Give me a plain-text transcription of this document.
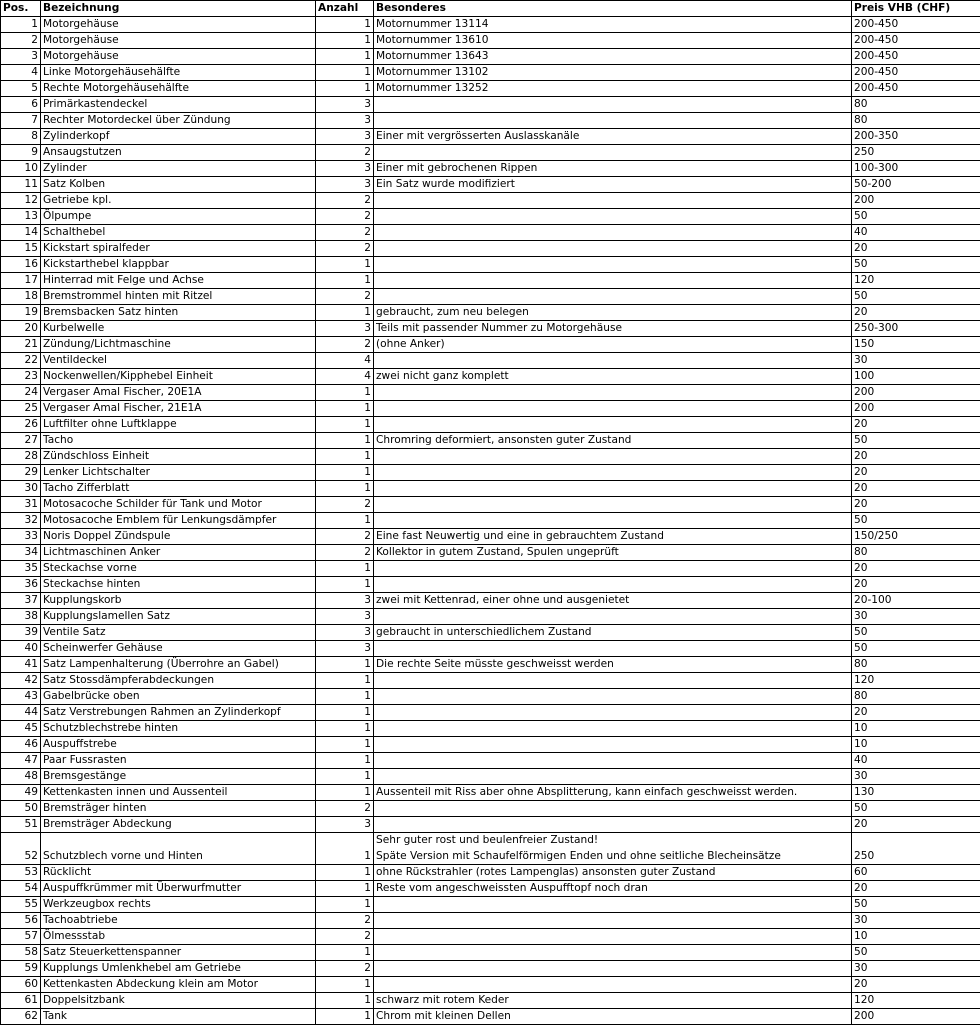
Pos.	Bezeichnung	Anzahl	Besonderes	Preis VHB (CHF)
1	Motorgehäuse	1	Motornummer 13114	200-450
2	Motorgehäuse	1	Motornummer 13610	200-450
3	Motorgehäuse	1	Motornummer 13643	200-450
4	Linke Motorgehäusehälfte	1	Motornummer 13102	200-450
5	Rechte Motorgehäusehälfte	1	Motornummer 13252	200-450
6	Primärkastendeckel	3		80
7	Rechter Motordeckel über Zündung	3		80
8	Zylinderkopf	3	Einer mit vergrösserten Auslasskanäle	200-350
9	Ansaugstutzen	2		250
10	Zylinder	3	Einer mit gebrochenen Rippen	100-300
11	Satz Kolben	3	Ein Satz wurde modifiziert	50-200
12	Getriebe kpl.	2		200
13	Ölpumpe	2		50
14	Schalthebel	2		40
15	Kickstart spiralfeder	2		20
16	Kickstarthebel klappbar	1		50
17	Hinterrad mit Felge und Achse	1		120
18	Bremstrommel hinten mit Ritzel	2		50
19	Bremsbacken Satz hinten	1	gebraucht, zum neu belegen	20
20	Kurbelwelle	3	Teils mit passender Nummer zu Motorgehäuse	250-300
21	Zündung/Lichtmaschine	2	(ohne Anker)	150
22	Ventildeckel	4		30
23	Nockenwellen/Kipphebel Einheit	4	zwei nicht ganz komplett	100
24	Vergaser Amal Fischer, 20E1A	1		200
25	Vergaser Amal Fischer, 21E1A	1		200
26	Luftfilter ohne Luftklappe	1		20
27	Tacho	1	Chromring deformiert, ansonsten guter Zustand	50
28	Zündschloss Einheit	1		20
29	Lenker Lichtschalter	1		20
30	Tacho Zifferblatt	1		20
31	Motosacoche Schilder für Tank und Motor	2		20
32	Motosacoche Emblem für Lenkungsdämpfer	1		50
33	Noris Doppel Zündspule	2	Eine fast Neuwertig und eine in gebrauchtem Zustand	150/250
34	Lichtmaschinen Anker	2	Kollektor in gutem Zustand, Spulen ungeprüft	80
35	Steckachse vorne	1		20
36	Steckachse hinten	1		20
37	Kupplungskorb	3	zwei mit Kettenrad, einer ohne und ausgenietet	20-100
38	Kupplungslamellen Satz	3		30
39	Ventile Satz	3	gebraucht in unterschiedlichem Zustand	50
40	Scheinwerfer Gehäuse	3		50
41	Satz Lampenhalterung (Überrohre an Gabel)	1	Die rechte Seite müsste geschweisst werden	80
42	Satz Stossdämpferabdeckungen	1		120
43	Gabelbrücke oben	1		80
44	Satz Verstrebungen Rahmen an Zylinderkopf	1		20
45	Schutzblechstrebe hinten	1		10
46	Auspuffstrebe	1		10
47	Paar Fussrasten	1		40
48	Bremsgestänge	1		30
49	Kettenkasten innen und Aussenteil	1	Aussenteil mit Riss aber ohne Absplitterung, kann einfach geschweisst werden.	130
50	Bremsträger hinten	2		50
51	Bremsträger Abdeckung	3		20
52	Schutzblech vorne und Hinten	1	Sehr guter rost und beulenfreier Zustand!
Späte Version mit Schaufelförmigen Enden und ohne seitliche Blecheinsätze	250
53	Rücklicht	1	ohne Rückstrahler (rotes Lampenglas) ansonsten guter Zustand	60
54	Auspuffkrümmer mit Überwurfmutter	1	Reste vom angeschweissten Auspufftopf noch dran	20
55	Werkzeugbox rechts	1		50
56	Tachoabtriebe	2		30
57	Ölmessstab	2		10
58	Satz Steuerkettenspanner	1		50
59	Kupplungs Umlenkhebel am Getriebe	2		30
60	Kettenkasten Abdeckung klein am Motor	1		20
61	Doppelsitzbank	1	schwarz mit rotem Keder	120
62	Tank	1	Chrom mit kleinen Dellen	200
